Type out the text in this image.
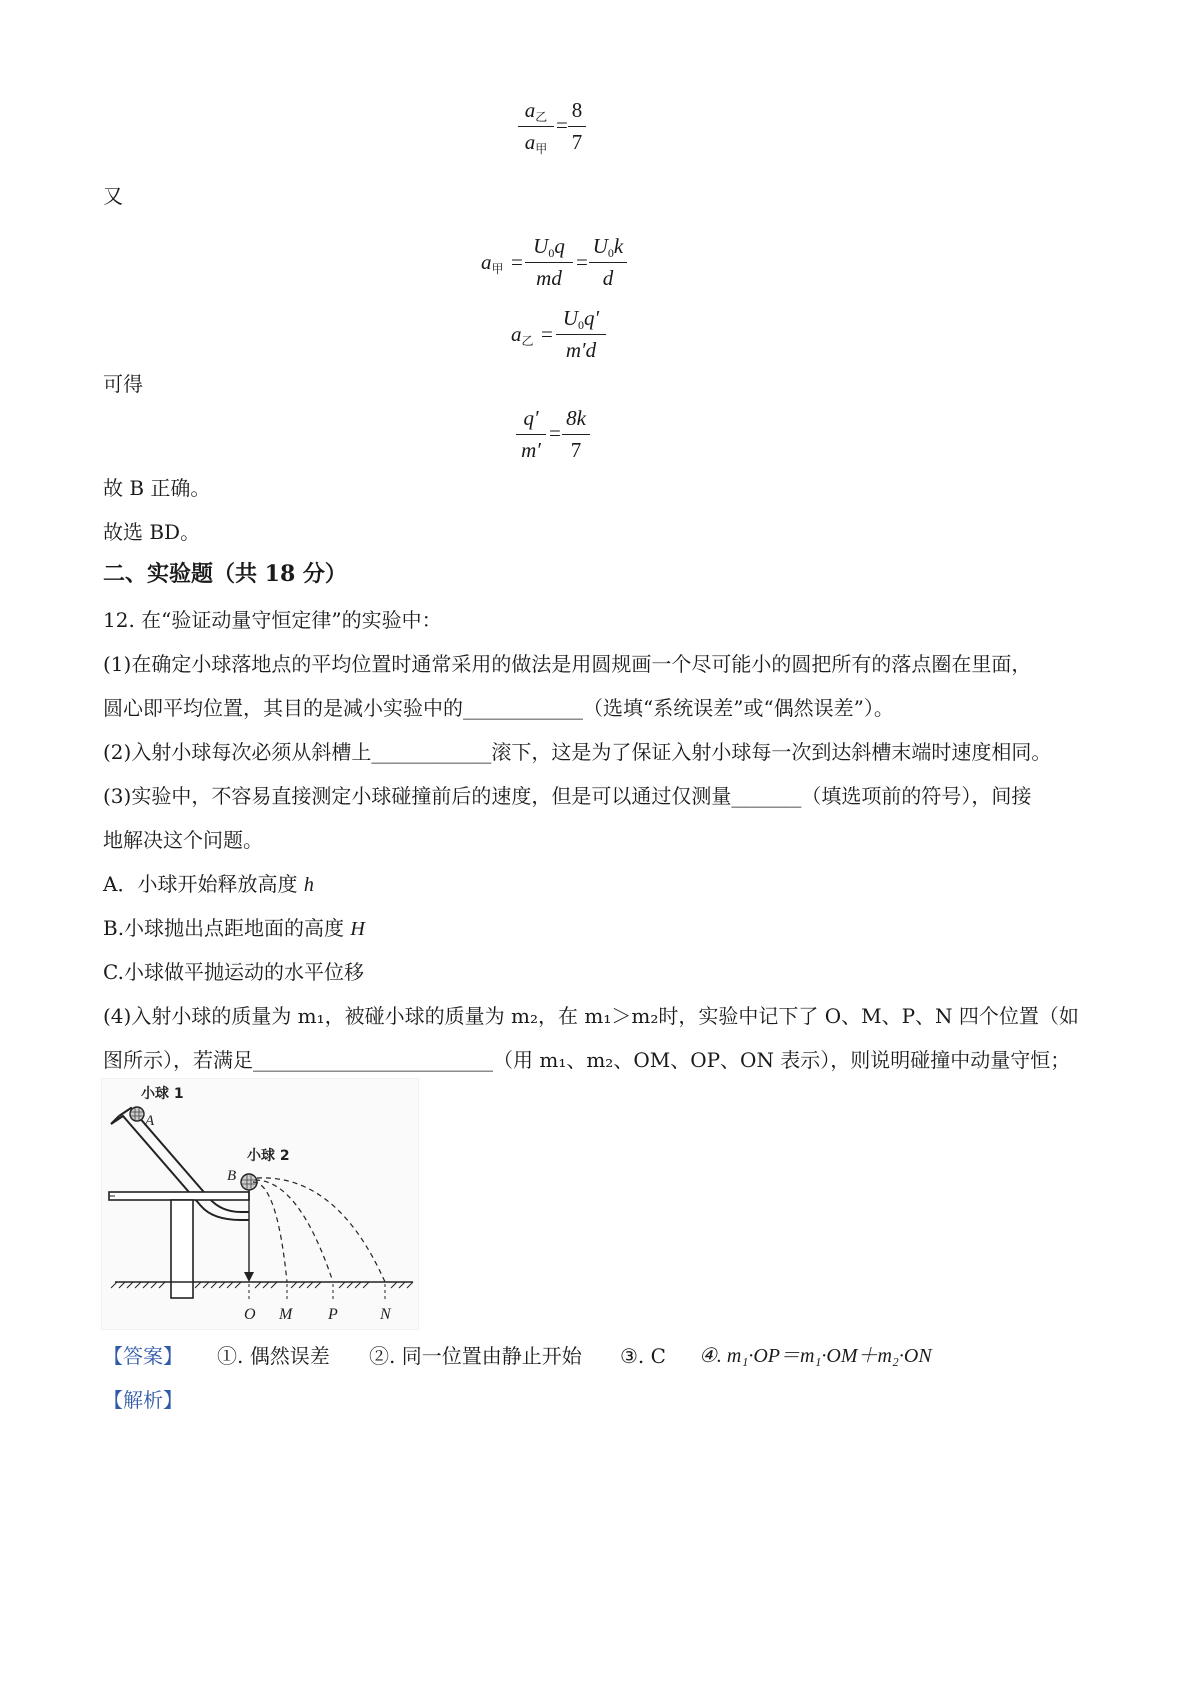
$a_乙$
$a_甲$
=
8
7
又
$a_甲$ =
$U_0q$
md
=
$U_0k$
d
$a_乙$ =
$U_0q'$
m′d
可得
q′
m′
=
8k
7
故 B 正确。
故选 BD。
二、实验题（共 18 分）
12. 在“验证动量守恒定律”的实验中：
(1)在确定小球落地点的平均位置时通常采用的做法是用圆规画一个尽可能小的圆把所有的落点圈在里面，
圆心即平均位置，其目的是减小实验中的____________（选填“系统误差”或“偶然误差”）。
(2)入射小球每次必须从斜槽上____________滚下，这是为了保证入射小球每一次到达斜槽末端时速度相同。
(3)实验中，不容易直接测定小球碰撞前后的速度，但是可以通过仅测量_______（填选项前的符号），间接
地解决这个问题。
A．小球开始释放高度 h
B.小球抛出点距地面的高度 H
C.小球做平抛运动的水平位移
(4)入射小球的质量为 m₁，被碰小球的质量为 m₂，在 m₁＞m₂时，实验中记下了 O、M、P、N 四个位置（如
图所示），若满足________________________（用 m₁、m₂、OM、OP、ON 表示），则说明碰撞中动量守恒；
小球 1
A
小球 2
B
O M P	N
【答案】 ①. 偶然误差 ②. 同一位置由静止开始 ③. C ④. m₁·OP＝m₁·OM＋m₂·ON
【解析】
